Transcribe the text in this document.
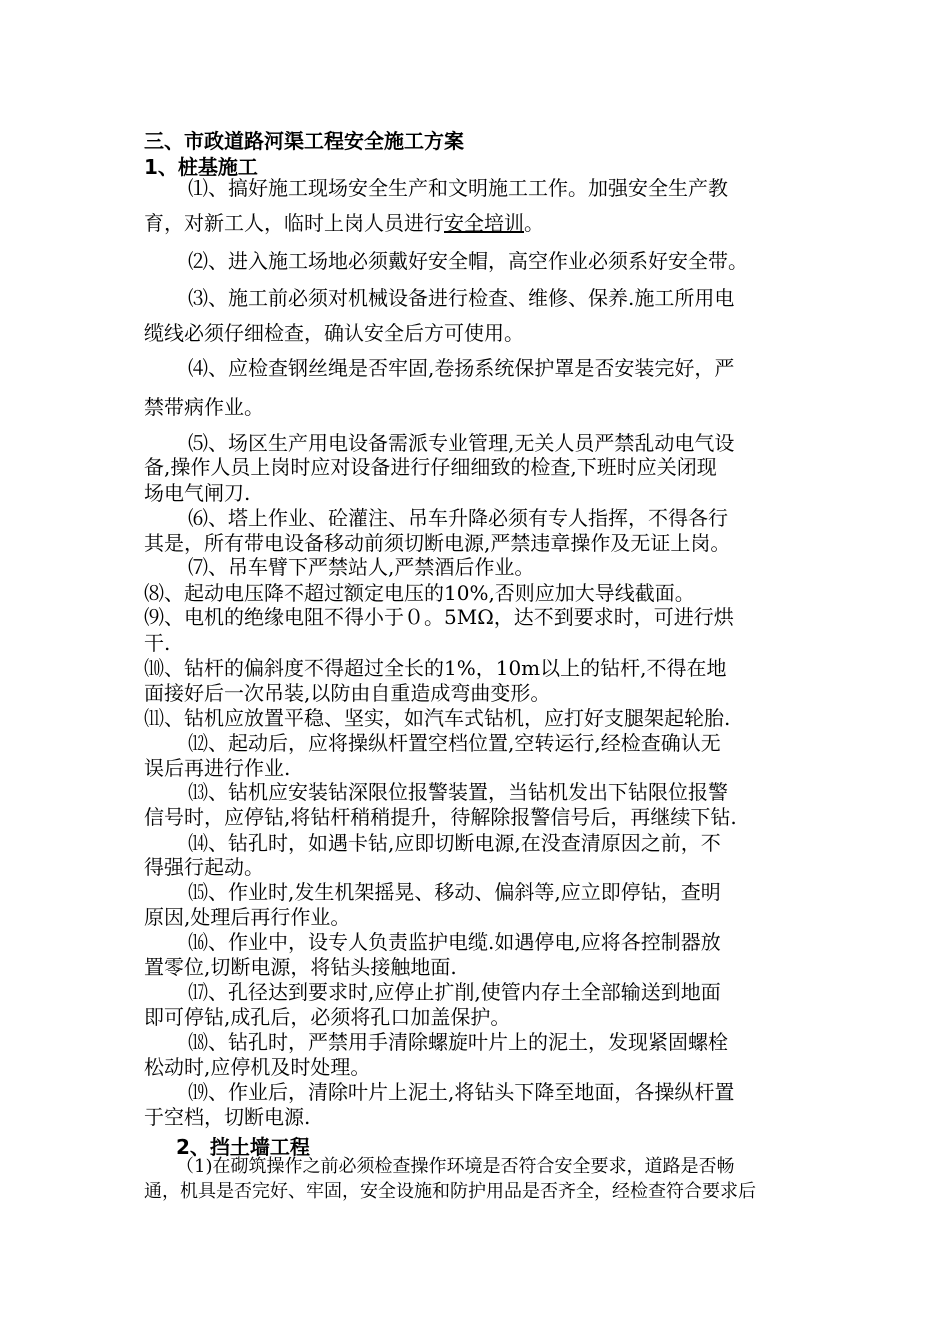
三、市政道路河渠工程安全施工方案
1、桩基施工
⑴、搞好施工现场安全生产和文明施工工作。加强安全生产教
育，对新工人，临时上岗人员进行安全培训。
⑵、进入施工场地必须戴好安全帽，高空作业必须系好安全带。
⑶、施工前必须对机械设备进行检查、维修、保养.施工所用电
缆线必须仔细检查，确认安全后方可使用。
⑷、应检查钢丝绳是否牢固,卷扬系统保护罩是否安装完好，严
禁带病作业。
⑸、场区生产用电设备需派专业管理,无关人员严禁乱动电气设
备,操作人员上岗时应对设备进行仔细细致的检查,下班时应关闭现
场电气闸刀.
⑹、塔上作业、砼灌注、吊车升降必须有专人指挥，不得各行
其是，所有带电设备移动前须切断电源,严禁违章操作及无证上岗。
⑺、吊车臂下严禁站人,严禁酒后作业。
⑻、起动电压降不超过额定电压的10%,否则应加大导线截面。
⑼、电机的绝缘电阻不得小于０。5MΩ，达不到要求时，可进行烘
干.
⑽、钻杆的偏斜度不得超过全长的1%，10m以上的钻杆,不得在地
面接好后一次吊装,以防由自重造成弯曲变形。
⑾、钻机应放置平稳、坚实，如汽车式钻机，应打好支腿架起轮胎.
⑿、起动后，应将操纵杆置空档位置,空转运行,经检查确认无
误后再进行作业.
⒀、钻机应安装钻深限位报警装置，当钻机发出下钻限位报警
信号时，应停钻,将钻杆稍稍提升，待解除报警信号后，再继续下钻.
⒁、钻孔时，如遇卡钻,应即切断电源,在没查清原因之前，不
得强行起动。
⒂、作业时,发生机架摇晃、移动、偏斜等,应立即停钻，查明
原因,处理后再行作业。
⒃、作业中，设专人负责监护电缆.如遇停电,应将各控制器放
置零位,切断电源，将钻头接触地面.
⒄、孔径达到要求时,应停止扩削,使管内存土全部输送到地面
即可停钻,成孔后，必须将孔口加盖保护。
⒅、钻孔时，严禁用手清除螺旋叶片上的泥土，发现紧固螺栓
松动时,应停机及时处理。
⒆、作业后，清除叶片上泥土,将钻头下降至地面，各操纵杆置
于空档，切断电源.
2、挡土墙工程
（1)在砌筑操作之前必须检查操作环境是否符合安全要求，道路是否畅
通，机具是否完好、牢固，安全设施和防护用品是否齐全，经检查符合要求后
